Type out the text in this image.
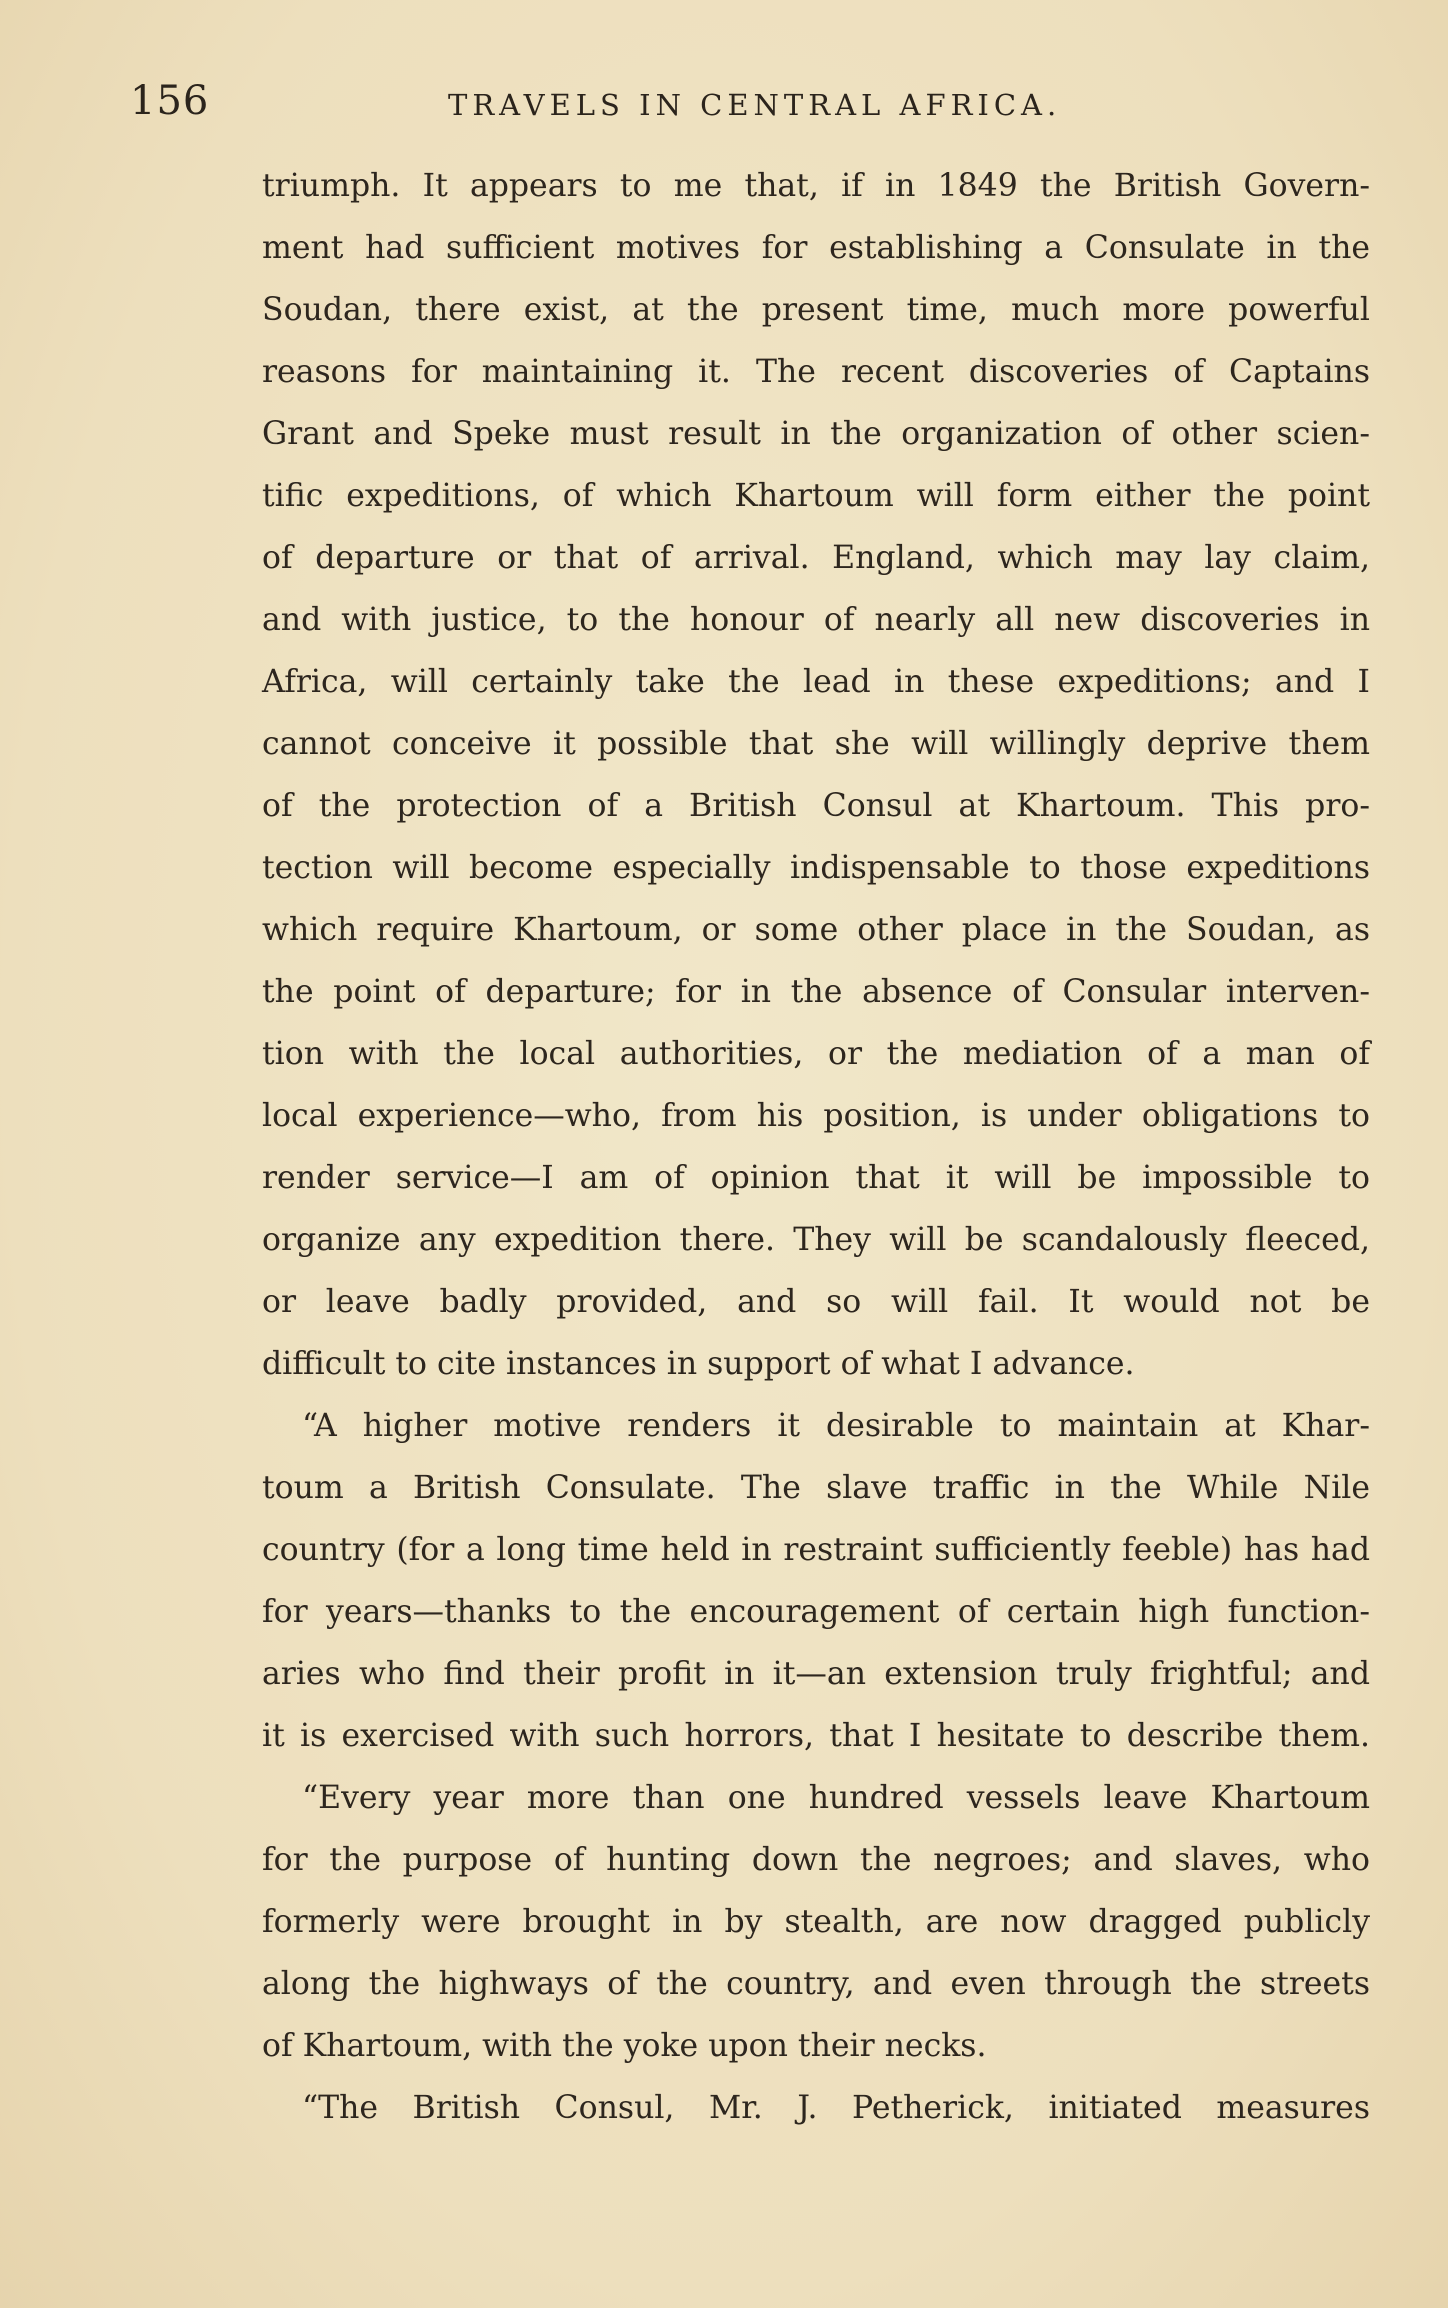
156	TRAVELS IN CENTRAL AFRICA.
triumph. It appears to me that, if in 1849 the British Govern-
ment had sufficient motives for establishing a Consulate in the
Soudan, there exist, at the present time, much more powerful
reasons for maintaining it. The recent discoveries of Captains
Grant and Speke must result in the organization of other scien-
tific expeditions, of which Khartoum will form either the point
of departure or that of arrival. England, which may lay claim,
and with justice, to the honour of nearly all new discoveries in
Africa, will certainly take the lead in these expeditions; and I
cannot conceive it possible that she will willingly deprive them
of the protection of a British Consul at Khartoum. This pro-
tection will become especially indispensable to those expeditions
which require Khartoum, or some other place in the Soudan, as
the point of departure; for in the absence of Consular interven-
tion with the local authorities, or the mediation of a man of
local experience—who, from his position, is under obligations to
render service—I am of opinion that it will be impossible to
organize any expedition there. They will be scandalously fleeced,
or leave badly provided, and so will fail. It would not be
difficult to cite instances in support of what I advance.
“A higher motive renders it desirable to maintain at Khar-
toum a British Consulate. The slave traffic in the While Nile
country (for a long time held in restraint sufficiently feeble) has had
for years—thanks to the encouragement of certain high function-
aries who find their profit in it—an extension truly frightful; and
it is exercised with such horrors, that I hesitate to describe them.
“Every year more than one hundred vessels leave Khartoum
for the purpose of hunting down the negroes; and slaves, who
formerly were brought in by stealth, are now dragged publicly
along the highways of the country, and even through the streets
of Khartoum, with the yoke upon their necks.
“The British Consul, Mr. J. Petherick, initiated measures
